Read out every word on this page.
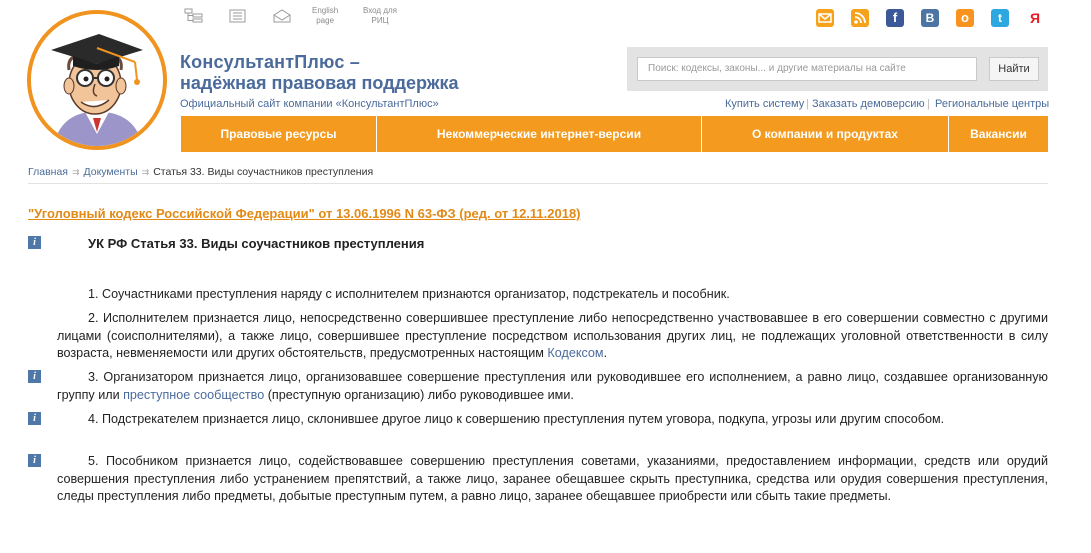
English
page
Вход для
РИЦ	f	B	o	t	Я
КонсультантПлюс –
надёжная правовая поддержка
Официальный сайт компании «КонсультантПлюс»
Поиск: кодексы, законы... и другие материалы на сайте	Найти
Купить систему | Заказать демоверсию | Региональные центры
Правовые ресурсы	Некоммерческие интернет-версии	О компании и продуктах	Вакансии
Главная ⇉ Документы ⇉ Статья 33. Виды соучастников преступления
"Уголовный кодекс Российской Федерации" от 13.06.1996 N 63-ФЗ (ред. от 12.11.2018)
i	УК РФ Статья 33. Виды соучастников преступления
1. Соучастниками преступления наряду с исполнителем признаются организатор, подстрекатель и пособник.
2. Исполнителем признается лицо, непосредственно совершившее преступление либо непосредственно участвовавшее в его совершении совместно с другими лицами (соисполнителями), а также лицо, совершившее преступление посредством использования других лиц, не подлежащих уголовной ответственности в силу возраста, невменяемости или других обстоятельств, предусмотренных настоящим Кодексом.
i	3. Организатором признается лицо, организовавшее совершение преступления или руководившее его исполнением, а равно лицо, создавшее организованную группу или преступное сообщество (преступную организацию) либо руководившее ими.
i	4. Подстрекателем признается лицо, склонившее другое лицо к совершению преступления путем уговора, подкупа, угрозы или другим способом.
i	5. Пособником признается лицо, содействовавшее совершению преступления советами, указаниями, предоставлением информации, средств или орудий совершения преступления либо устранением препятствий, а также лицо, заранее обещавшее скрыть преступника, средства или орудия совершения преступления, следы преступления либо предметы, добытые преступным путем, а равно лицо, заранее обещавшее приобрести или сбыть такие предметы.
